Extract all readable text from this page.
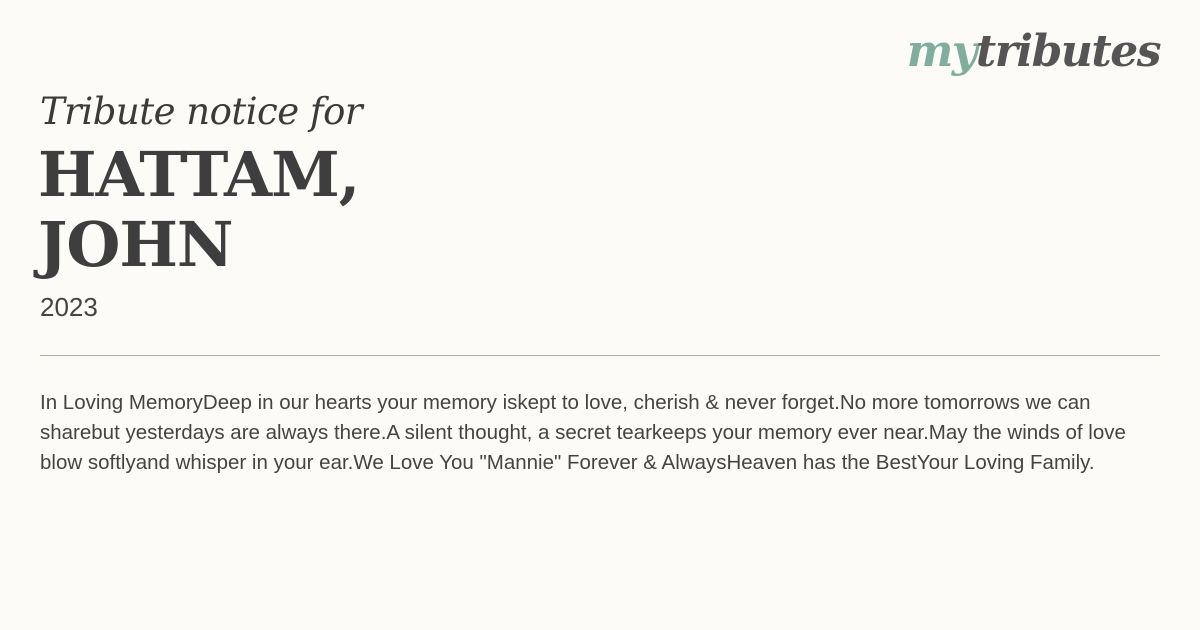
mytributes
Tribute notice for
HATTAM,
JOHN
2023

In Loving MemoryDeep in our hearts your memory iskept to love, cherish & never forget.No more tomorrows we can sharebut yesterdays are always there.A silent thought, a secret tearkeeps your memory ever near.May the winds of love blow softlyand whisper in your ear.We Love You "Mannie" Forever & AlwaysHeaven has the BestYour Loving Family.
